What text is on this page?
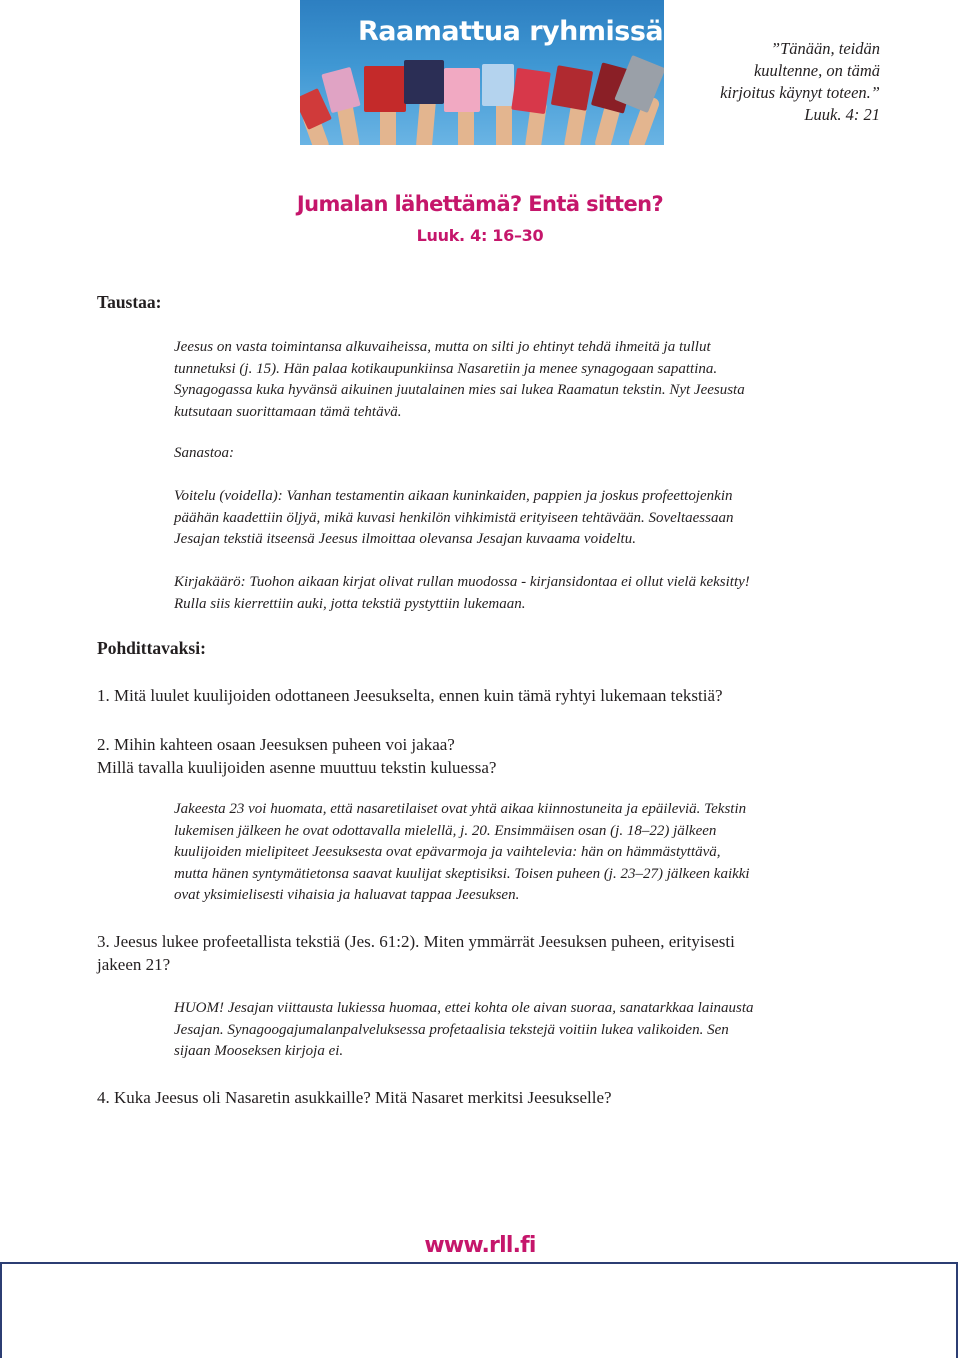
Raamattua ryhmissä
”Tänään, teidän
kuultenne, on tämä
kirjoitus käynyt toteen.”
Luuk. 4: 21
Jumalan lähettämä? Entä sitten?
Luuk. 4: 16–30
Taustaa:
Jeesus on vasta toimintansa alkuvaiheissa, mutta on silti jo ehtinyt tehdä ihmeitä ja tullut
tunnetuksi (j. 15). Hän palaa kotikaupunkiinsa Nasaretiin ja menee synagogaan sapattina.
Synagogassa kuka hyvänsä aikuinen juutalainen mies sai lukea Raamatun tekstin. Nyt Jeesusta
kutsutaan suorittamaan tämä tehtävä.
Sanastoa:
Voitelu (voidella): Vanhan testamentin aikaan kuninkaiden, pappien ja joskus profeettojenkin
päähän kaadettiin öljyä, mikä kuvasi henkilön vihkimistä erityiseen tehtävään. Soveltaessaan
Jesajan tekstiä itseensä Jeesus ilmoittaa olevansa Jesajan kuvaama voideltu.
Kirjakäärö: Tuohon aikaan kirjat olivat rullan muodossa - kirjansidontaa ei ollut vielä keksitty!
Rulla siis kierrettiin auki, jotta tekstiä pystyttiin lukemaan.
Pohdittavaksi:
1. Mitä luulet kuulijoiden odottaneen Jeesukselta, ennen kuin tämä ryhtyi lukemaan tekstiä?
2. Mihin kahteen osaan Jeesuksen puheen voi jakaa?
Millä tavalla kuulijoiden asenne muuttuu tekstin kuluessa?
Jakeesta 23 voi huomata, että nasaretilaiset ovat yhtä aikaa kiinnostuneita ja epäileviä. Tekstin
lukemisen jälkeen he ovat odottavalla mielellä, j. 20. Ensimmäisen osan (j. 18–22) jälkeen
kuulijoiden mielipiteet Jeesuksesta ovat epävarmoja ja vaihtelevia: hän on hämmästyttävä,
mutta hänen syntymätietonsa saavat kuulijat skeptisiksi. Toisen puheen (j. 23–27) jälkeen kaikki
ovat yksimielisesti vihaisia ja haluavat tappaa Jeesuksen.
3. Jeesus lukee profeetallista tekstiä (Jes. 61:2). Miten ymmärrät Jeesuksen puheen, erityisesti
jakeen 21?
HUOM! Jesajan viittausta lukiessa huomaa, ettei kohta ole aivan suoraa, sanatarkkaa lainausta
Jesajan. Synagoogajumalanpalveluksessa profetaalisia tekstejä voitiin lukea valikoiden. Sen
sijaan Mooseksen kirjoja ei.
4. Kuka Jeesus oli Nasaretin asukkaille? Mitä Nasaret merkitsi Jeesukselle?
www.rll.fi
